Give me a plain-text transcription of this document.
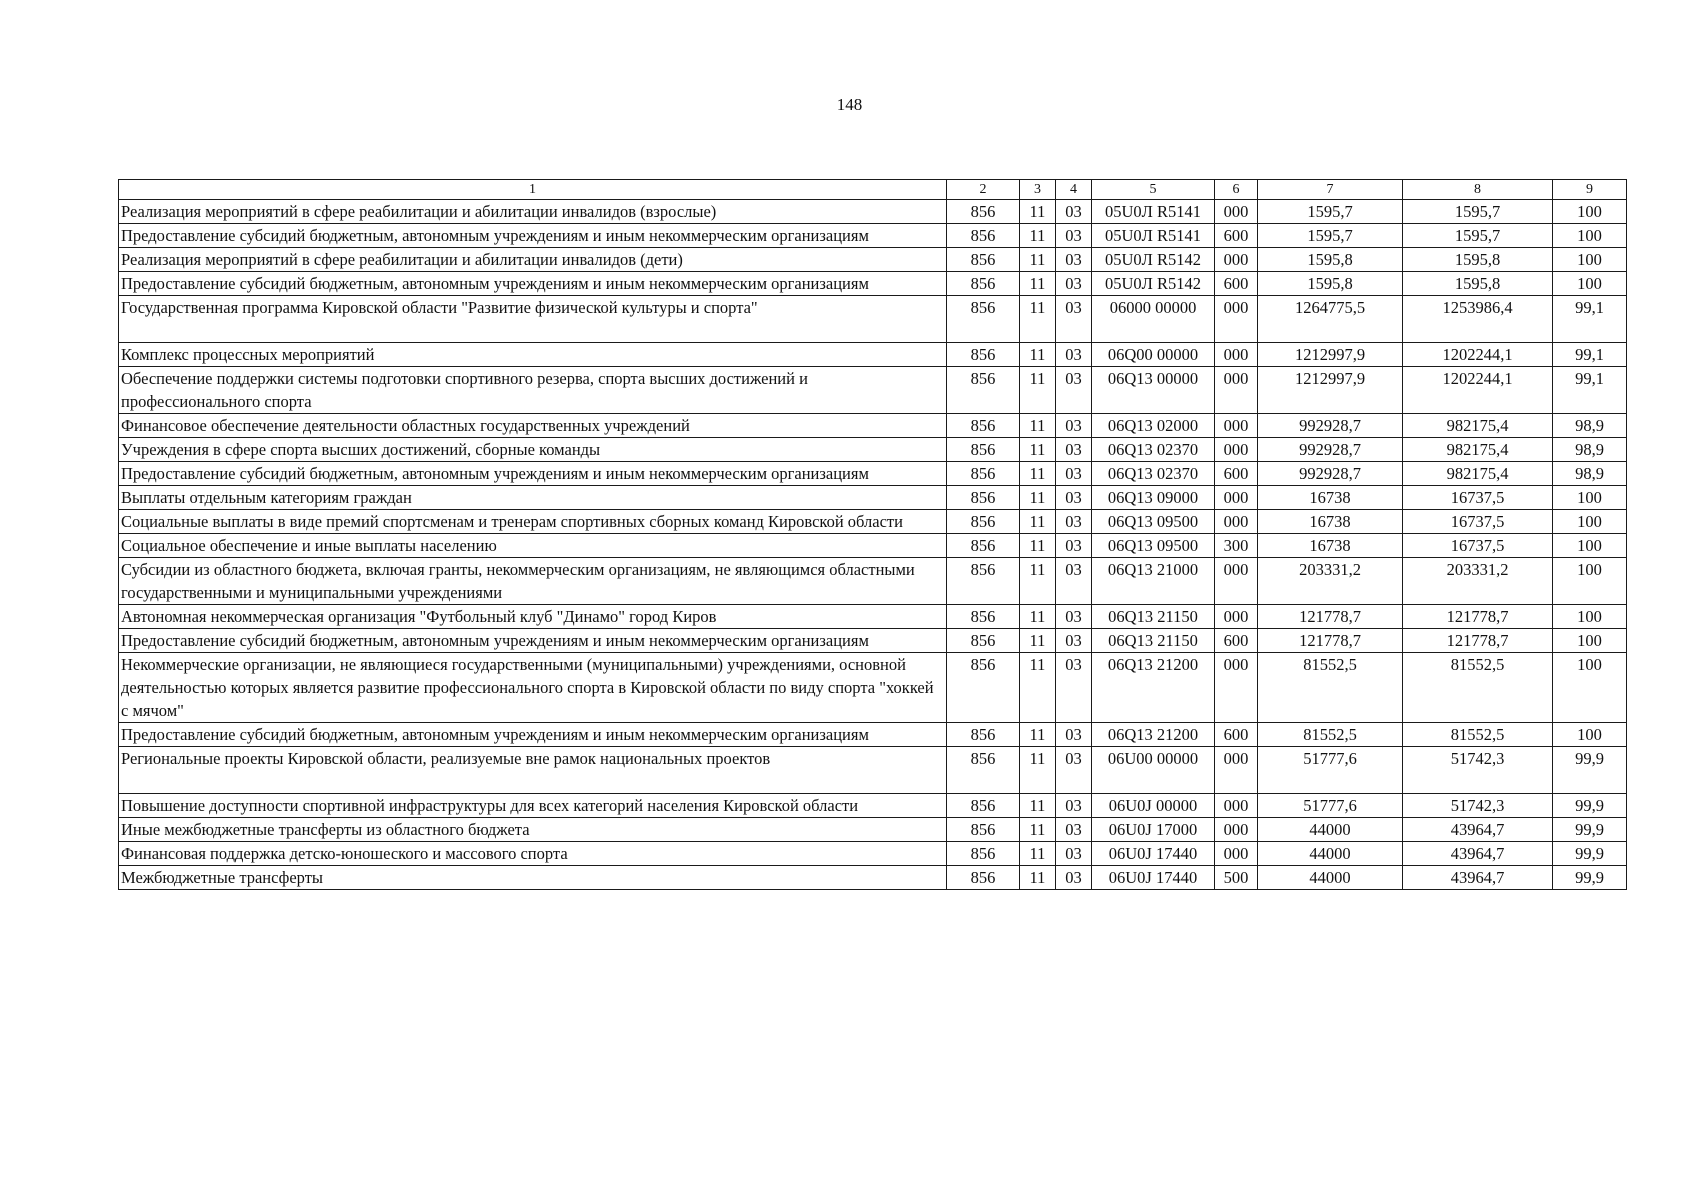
148
1	2	3	4	5	6	7	8	9
Реализация мероприятий в сфере реабилитации и абилитации инвалидов (взрослые)	856	11	03	05U0Л R5141	000	1595,7	1595,7	100
Предоставление субсидий бюджетным, автономным учреждениям и иным некоммерческим организациям	856	11	03	05U0Л R5141	600	1595,7	1595,7	100
Реализация мероприятий в сфере реабилитации и абилитации инвалидов (дети)	856	11	03	05U0Л R5142	000	1595,8	1595,8	100
Предоставление субсидий бюджетным, автономным учреждениям и иным некоммерческим организациям	856	11	03	05U0Л R5142	600	1595,8	1595,8	100
Государственная программа Кировской области "Развитие физической культуры и спорта"	856	11	03	06000 00000	000	1264775,5	1253986,4	99,1
Комплекс процессных мероприятий	856	11	03	06Q00 00000	000	1212997,9	1202244,1	99,1
Обеспечение поддержки системы подготовки спортивного резерва, спорта высших достижений и профессионального спорта	856	11	03	06Q13 00000	000	1212997,9	1202244,1	99,1
Финансовое обеспечение деятельности областных государственных учреждений	856	11	03	06Q13 02000	000	992928,7	982175,4	98,9
Учреждения в сфере спорта высших достижений, сборные команды	856	11	03	06Q13 02370	000	992928,7	982175,4	98,9
Предоставление субсидий бюджетным, автономным учреждениям и иным некоммерческим организациям	856	11	03	06Q13 02370	600	992928,7	982175,4	98,9
Выплаты отдельным категориям граждан	856	11	03	06Q13 09000	000	16738	16737,5	100
Социальные выплаты в виде премий спортсменам и тренерам спортивных сборных команд Кировской области	856	11	03	06Q13 09500	000	16738	16737,5	100
Социальное обеспечение и иные выплаты населению	856	11	03	06Q13 09500	300	16738	16737,5	100
Субсидии из областного бюджета, включая гранты, некоммерческим организациям, не являющимся областными государственными и муниципальными учреждениями	856	11	03	06Q13 21000	000	203331,2	203331,2	100
Автономная некоммерческая организация "Футбольный клуб "Динамо" город Киров	856	11	03	06Q13 21150	000	121778,7	121778,7	100
Предоставление субсидий бюджетным, автономным учреждениям и иным некоммерческим организациям	856	11	03	06Q13 21150	600	121778,7	121778,7	100
Некоммерческие организации, не являющиеся государственными (муниципальными) учреждениями, основной деятельностью которых является развитие профессионального спорта в Кировской области по виду спорта "хоккей с мячом"	856	11	03	06Q13 21200	000	81552,5	81552,5	100
Предоставление субсидий бюджетным, автономным учреждениям и иным некоммерческим организациям	856	11	03	06Q13 21200	600	81552,5	81552,5	100
Региональные проекты Кировской области, реализуемые вне рамок национальных проектов	856	11	03	06U00 00000	000	51777,6	51742,3	99,9
Повышение доступности спортивной инфраструктуры для всех категорий населения Кировской области	856	11	03	06U0J 00000	000	51777,6	51742,3	99,9
Иные межбюджетные трансферты из областного бюджета	856	11	03	06U0J 17000	000	44000	43964,7	99,9
Финансовая поддержка детско-юношеского и массового спорта	856	11	03	06U0J 17440	000	44000	43964,7	99,9
Межбюджетные трансферты	856	11	03	06U0J 17440	500	44000	43964,7	99,9
